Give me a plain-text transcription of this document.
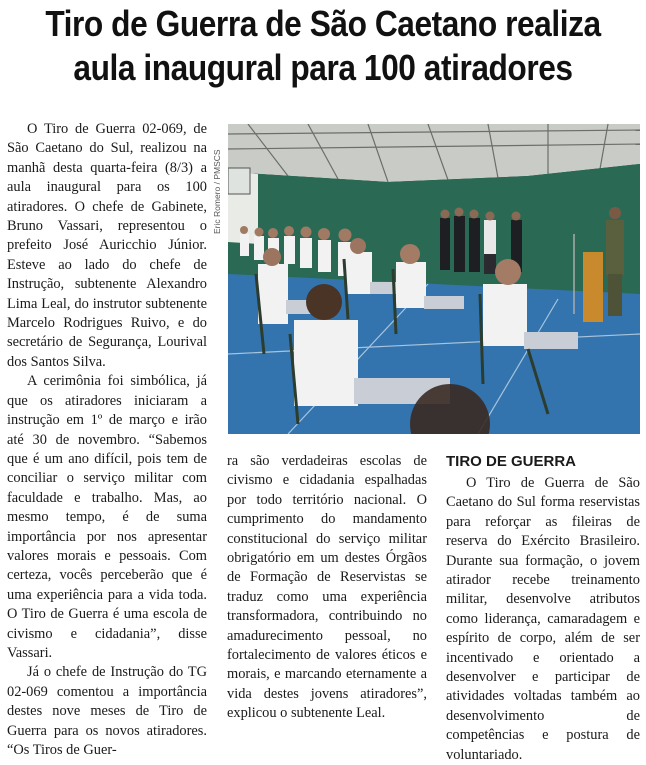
Tiro de Guerra de São Caetano realiza
aula inaugural para 100 atiradores

O Tiro de Guerra 02-069, de São Caetano do Sul, realizou na manhã desta quarta-feira (8/3) a aula inaugural para os 100 atiradores. O chefe de Gabinete, Bruno Vassari, representou o prefeito José Auricchio Júnior. Esteve ao lado do chefe de Instrução, subtenente Alexandro Lima Leal, do instrutor subtenente Marcelo Rodrigues Ruivo, e do secretário de Segurança, Lourival dos Santos Silva.

A cerimônia foi simbólica, já que os atiradores iniciaram a instrução em 1º de março e irão até 30 de novembro. “Sabemos que é um ano difícil, pois tem de conciliar o serviço militar com faculdade e trabalho. Mas, ao mesmo tempo, é de suma importância por nos apresentar valores morais e pessoais. Com certeza, vocês perceberão que é uma experiência para a vida toda. O Tiro de Guerra é uma escola de civismo e cidadania”, disse Vassari.

Já o chefe de Instrução do TG 02-069 comentou a importância destes nove meses de Tiro de Guerra para os novos atiradores. “Os Tiros de Guer-

Eric Romero / PMSCS

ra são verdadeiras escolas de civismo e cidadania espalhadas por todo território nacional. O cumprimento do mandamento constitucional do serviço militar obrigatório em um destes Órgãos de Formação de Reservistas se traduz como uma experiência transformadora, contribuindo no amadurecimento pessoal, no fortalecimento de valores éticos e morais, e marcando eternamente a vida destes jovens atiradores”, explicou o subtenente Leal.

TIRO DE GUERRA

O Tiro de Guerra de São Caetano do Sul forma reservistas para reforçar as fileiras de reserva do Exército Brasileiro. Durante sua formação, o jovem atirador recebe treinamento militar, desenvolve atributos como liderança, camaradagem e espírito de corpo, além de ser incentivado e orientado a desenvolver e participar de atividades voltadas também ao desenvolvimento de competências e postura de voluntariado.
